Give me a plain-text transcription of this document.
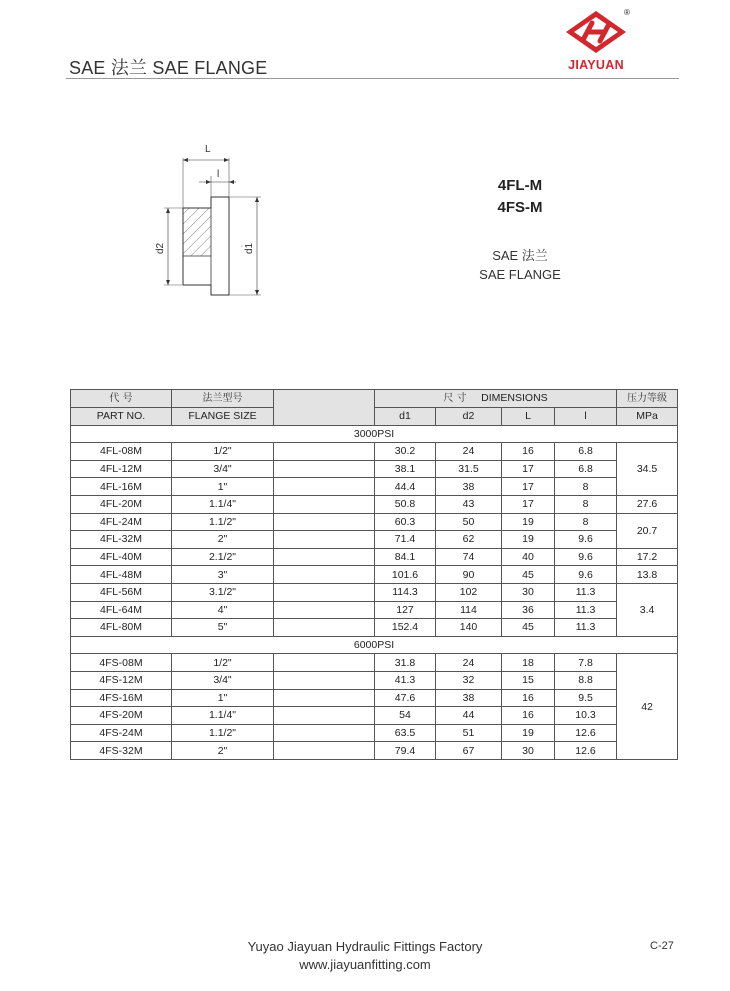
SAE 法兰 SAE FLANGE
®
JIAYUAN
L
l
d2	d1
4FL-M
4FS-M
SAE 法兰
SAE FLANGE
代 号	法兰型号		尺 寸 DIMENSIONS				压力等级
PART NO.	FLANGE SIZE		d1	d2	L	l	MPa
3000PSI							
4FL-08M	1/2"		30.2	24	16	6.8	34.5
4FL-12M	3/4"		38.1	31.5	17	6.8	
4FL-16M	1"		44.4	38	17	8	
4FL-20M	1.1/4"		50.8	43	17	8	27.6
4FL-24M	1.1/2"		60.3	50	19	8	20.7
4FL-32M	2"		71.4	62	19	9.6	
4FL-40M	2.1/2"		84.1	74	40	9.6	17.2
4FL-48M	3"		101.6	90	45	9.6	13.8
4FL-56M	3.1/2"		114.3	102	30	11.3	3.4
4FL-64M	4"		127	114	36	11.3	
4FL-80M	5"		152.4	140	45	11.3	
6000PSI							
4FS-08M	1/2"		31.8	24	18	7.8	42
4FS-12M	3/4"		41.3	32	15	8.8	
4FS-16M	1"		47.6	38	16	9.5	
4FS-20M	1.1/4"		54	44	16	10.3	
4FS-24M	1.1/2"		63.5	51	19	12.6	
4FS-32M	2"		79.4	67	30	12.6	
Yuyao Jiayuan Hydraulic Fittings Factory
www.jiayuanfitting.com
C-27
